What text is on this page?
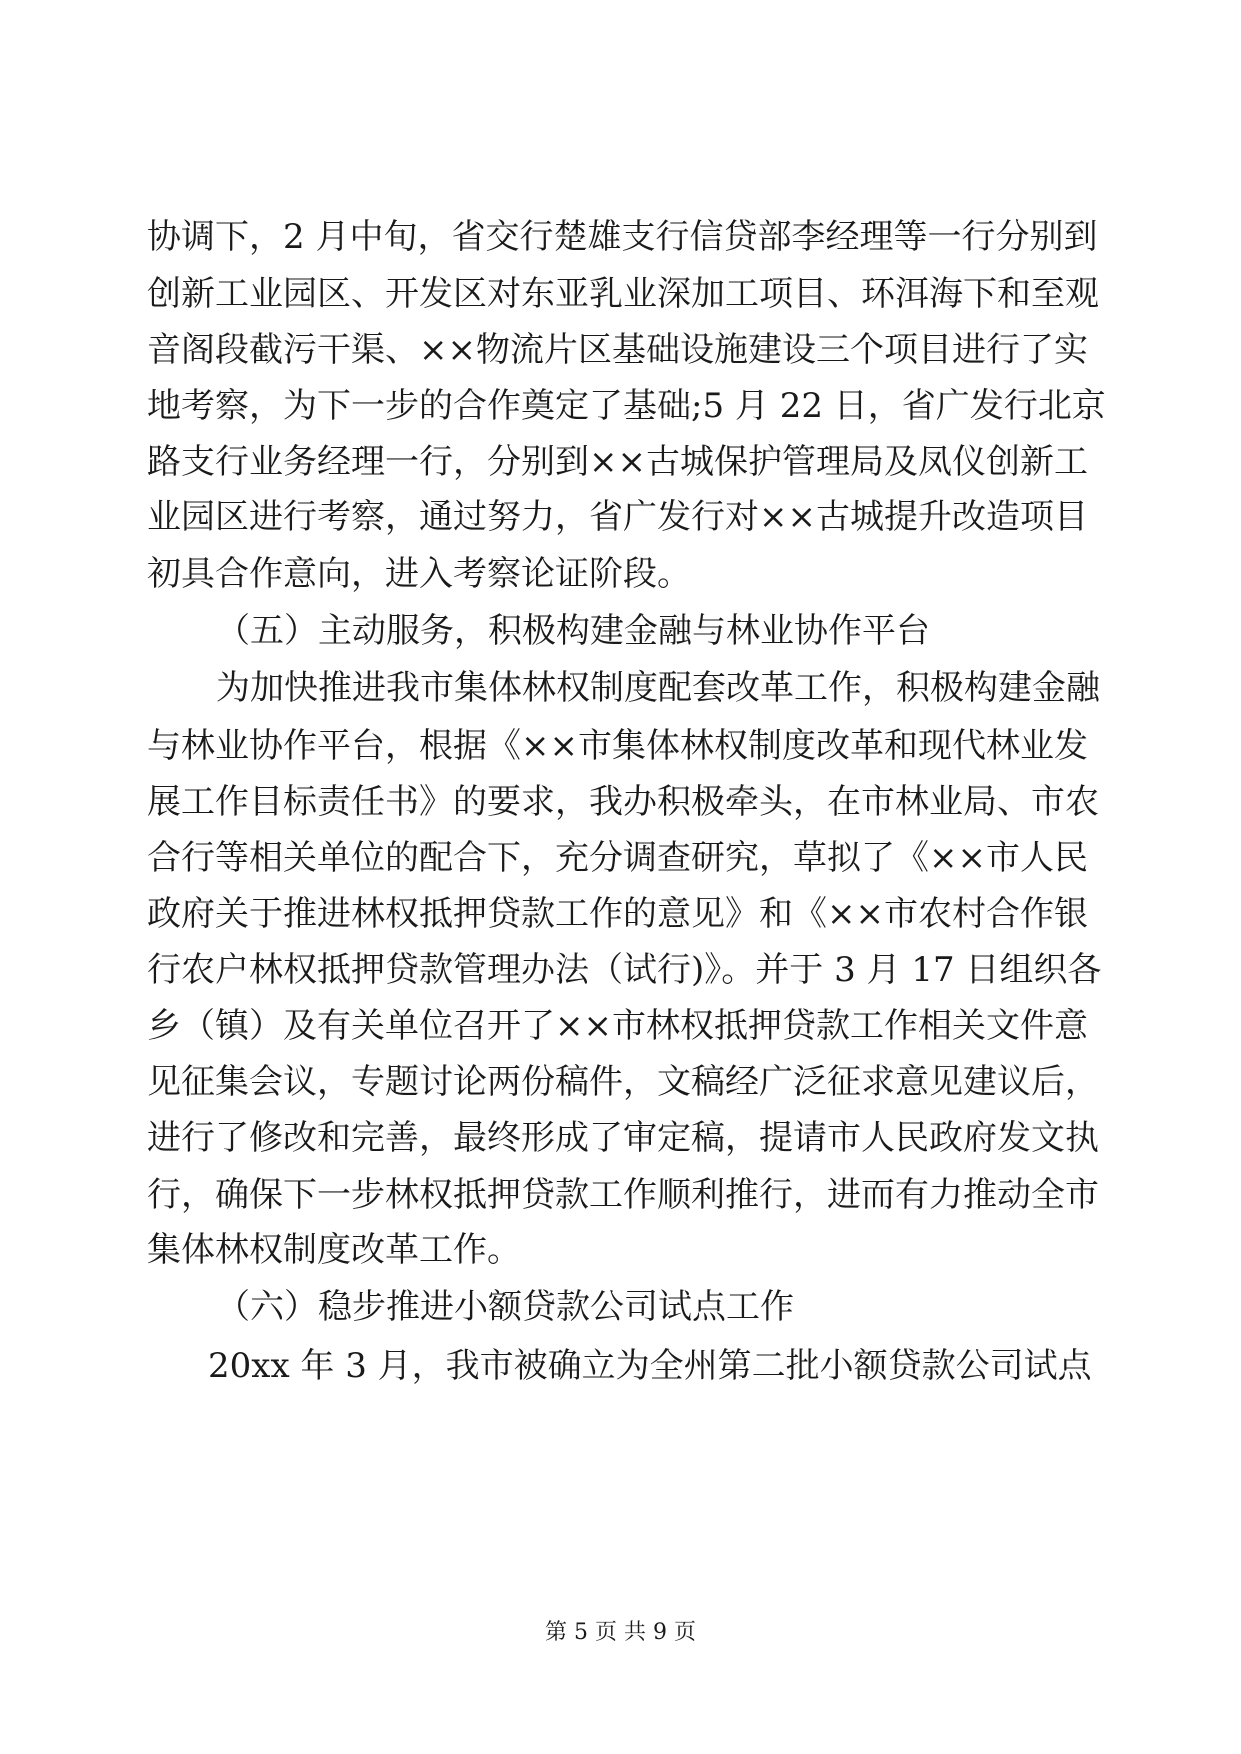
协调下，2 月中旬，省交行楚雄支行信贷部李经理等一行分别到
创新工业园区、开发区对东亚乳业深加工项目、环洱海下和至观
音阁段截污干渠、××物流片区基础设施建设三个项目进行了实
地考察，为下一步的合作奠定了基础;5 月 22 日，省广发行北京
路支行业务经理一行，分别到××古城保护管理局及凤仪创新工
业园区进行考察，通过努力，省广发行对××古城提升改造项目
初具合作意向，进入考察论证阶段。
（五）主动服务，积极构建金融与林业协作平台
为加快推进我市集体林权制度配套改革工作，积极构建金融
与林业协作平台，根据《××市集体林权制度改革和现代林业发
展工作目标责任书》的要求，我办积极牵头，在市林业局、市农
合行等相关单位的配合下，充分调查研究，草拟了《××市人民
政府关于推进林权抵押贷款工作的意见》和《××市农村合作银
行农户林权抵押贷款管理办法（试行)》。并于 3 月 17 日组织各
乡（镇）及有关单位召开了××市林权抵押贷款工作相关文件意
见征集会议，专题讨论两份稿件，文稿经广泛征求意见建议后，
进行了修改和完善，最终形成了审定稿，提请市人民政府发文执
行，确保下一步林权抵押贷款工作顺利推行，进而有力推动全市
集体林权制度改革工作。
（六）稳步推进小额贷款公司试点工作
20xx 年 3 月，我市被确立为全州第二批小额贷款公司试点
第 5 页 共 9 页
